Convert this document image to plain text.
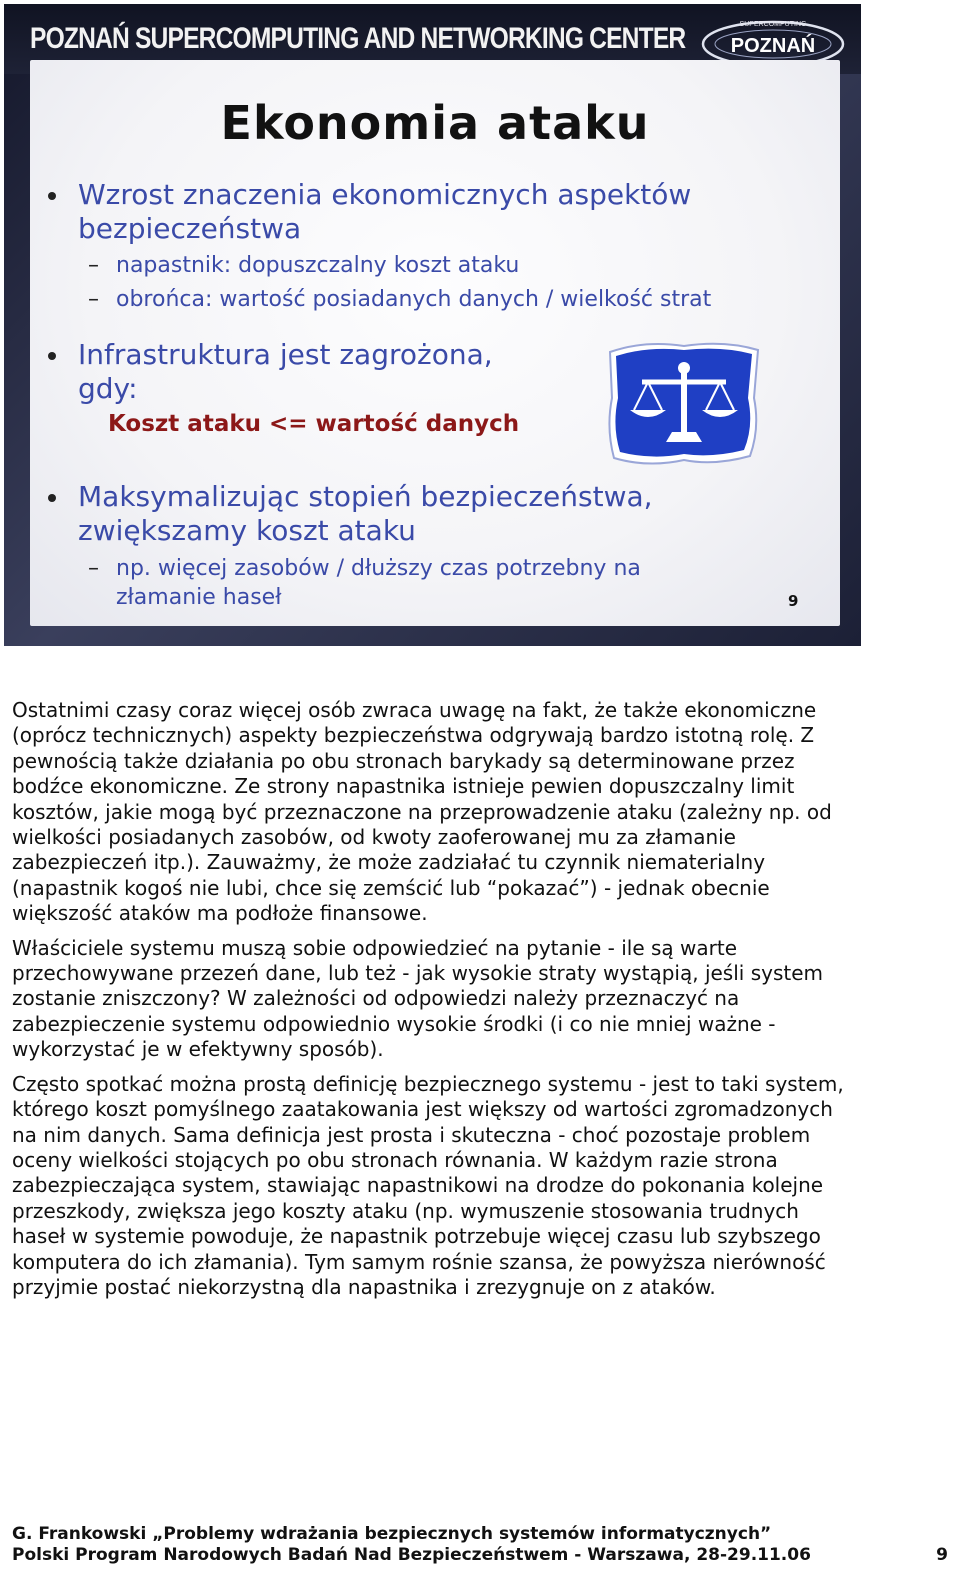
POZNAŃ SUPERCOMPUTING AND NETWORKING CENTER	SUPERCOMPUTING
POZNAŃ
Ekonomia ataku
Wzrost znaczenia ekonomicznych aspektów bezpieczeństwa
– napastnik: dopuszczalny koszt ataku
– obrońca: wartość posiadanych danych / wielkość strat
Infrastruktura jest zagrożona, gdy:
Koszt ataku <= wartość danych
Maksymalizując stopień bezpieczeństwa, zwiększamy koszt ataku
– np. więcej zasobów / dłuższy czas potrzebny na złamanie haseł	9

Ostatnimi czasy coraz więcej osób zwraca uwagę na fakt, że także ekonomiczne (oprócz technicznych) aspekty bezpieczeństwa odgrywają bardzo istotną rolę. Z pewnością także działania po obu stronach barykady są determinowane przez bodźce ekonomiczne. Ze strony napastnika istnieje pewien dopuszczalny limit kosztów, jakie mogą być przeznaczone na przeprowadzenie ataku (zależny np. od wielkości posiadanych zasobów, od kwoty zaoferowanej mu za złamanie zabezpieczeń itp.). Zauważmy, że może zadziałać tu czynnik niematerialny (napastnik kogoś nie lubi, chce się zemścić lub “pokazać”) - jednak obecnie większość ataków ma podłoże finansowe.

Właściciele systemu muszą sobie odpowiedzieć na pytanie - ile są warte przechowywane przezeń dane, lub też - jak wysokie straty wystąpią, jeśli system zostanie zniszczony? W zależności od odpowiedzi należy przeznaczyć na zabezpieczenie systemu odpowiednio wysokie środki (i co nie mniej ważne - wykorzystać je w efektywny sposób).

Często spotkać można prostą definicję bezpiecznego systemu - jest to taki system, którego koszt pomyślnego zaatakowania jest większy od wartości zgromadzonych na nim danych. Sama definicja jest prosta i skuteczna - choć pozostaje problem oceny wielkości stojących po obu stronach równania. W każdym razie strona zabezpieczająca system, stawiając napastnikowi na drodze do pokonania kolejne przeszkody, zwiększa jego koszty ataku (np. wymuszenie stosowania trudnych haseł w systemie powoduje, że napastnik potrzebuje więcej czasu lub szybszego komputera do ich złamania). Tym samym rośnie szansa, że powyższa nierówność przyjmie postać niekorzystną dla napastnika i zrezygnuje on z ataków.

G. Frankowski „Problemy wdrażania bezpiecznych systemów informatycznych”
Polski Program Narodowych Badań Nad Bezpieczeństwem - Warszawa, 28-29.11.06	9
